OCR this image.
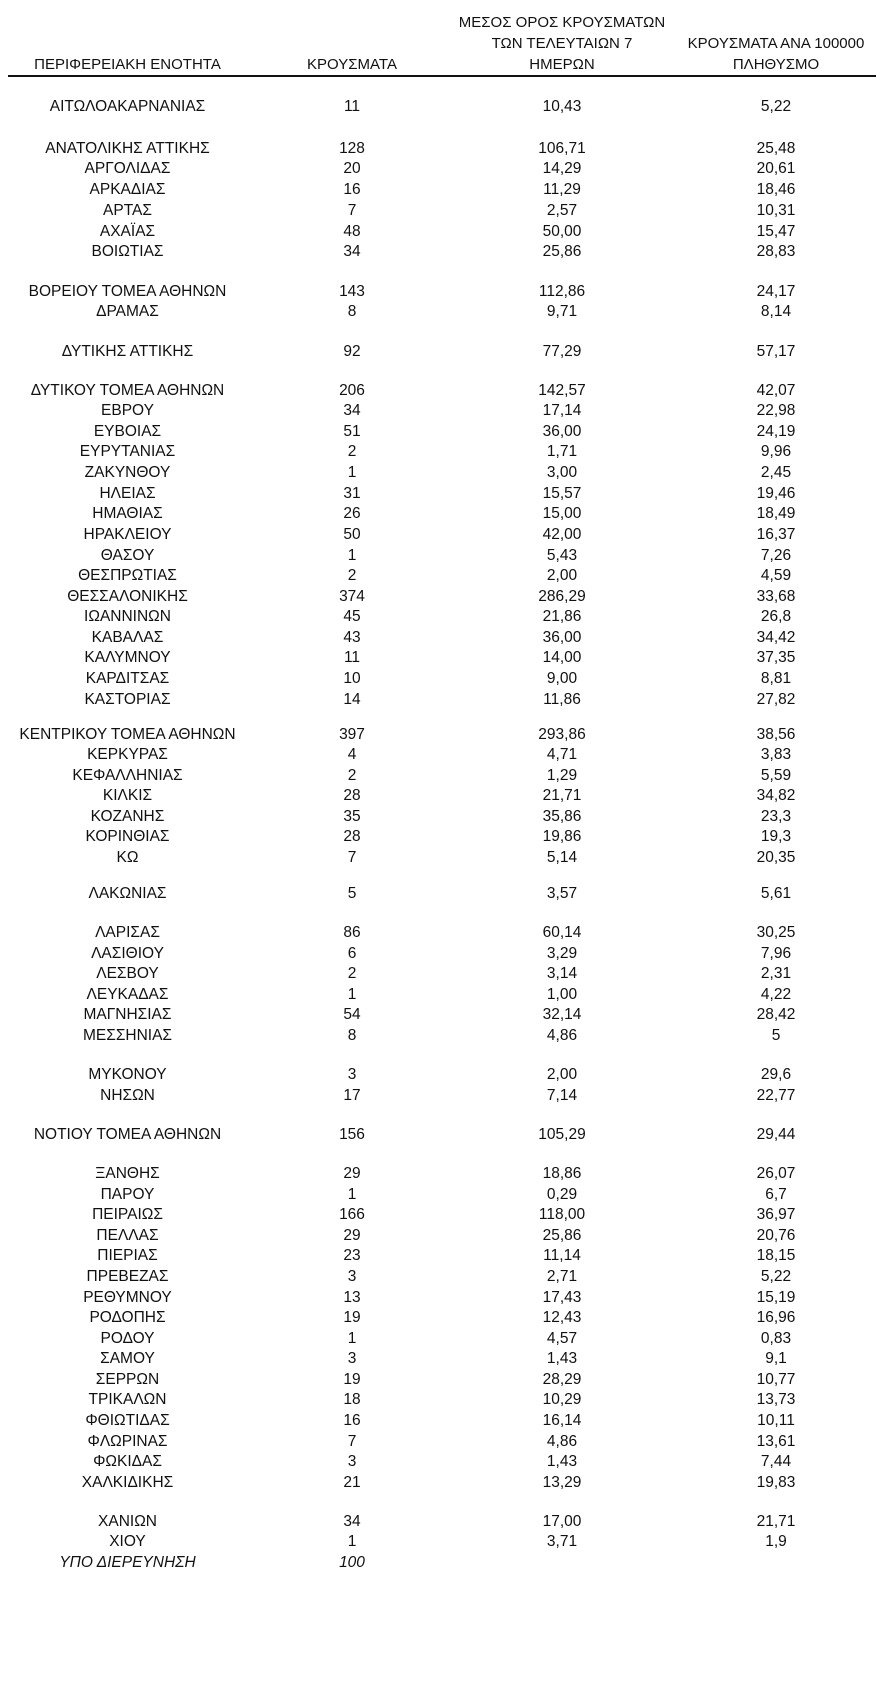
ΠΕΡΙΦΕΡΕΙΑΚΗ ΕΝΟΤΗΤΑ	ΚΡΟΥΣΜΑΤΑ
ΜΕΣΟΣ ΟΡΟΣ ΚΡΟΥΣΜΑΤΩΝ
ΤΩΝ ΤΕΛΕΥΤΑΙΩΝ 7
ΗΜΕΡΩΝ
ΚΡΟΥΣΜΑΤΑ ΑΝΑ 100000
ΠΛΗΘΥΣΜΟ
ΑΙΤΩΛΟΑΚΑΡΝΑΝΙΑΣ	11	10,43	5,22
ΑΝΑΤΟΛΙΚΗΣ ΑΤΤΙΚΗΣ	128	106,71	25,48
ΑΡΓΟΛΙΔΑΣ	20	14,29	20,61
ΑΡΚΑΔΙΑΣ	16	11,29	18,46
ΑΡΤΑΣ	7	2,57	10,31
ΑΧΑΪΑΣ	48	50,00	15,47
ΒΟΙΩΤΙΑΣ	34	25,86	28,83
ΒΟΡΕΙΟΥ ΤΟΜΕΑ ΑΘΗΝΩΝ	143	112,86	24,17
ΔΡΑΜΑΣ	8	9,71	8,14
ΔΥΤΙΚΗΣ ΑΤΤΙΚΗΣ	92	77,29	57,17
ΔΥΤΙΚΟΥ ΤΟΜΕΑ ΑΘΗΝΩΝ	206	142,57	42,07
ΕΒΡΟΥ	34	17,14	22,98
ΕΥΒΟΙΑΣ	51	36,00	24,19
ΕΥΡΥΤΑΝΙΑΣ	2	1,71	9,96
ΖΑΚΥΝΘΟΥ	1	3,00	2,45
ΗΛΕΙΑΣ	31	15,57	19,46
ΗΜΑΘΙΑΣ	26	15,00	18,49
ΗΡΑΚΛΕΙΟΥ	50	42,00	16,37
ΘΑΣΟΥ	1	5,43	7,26
ΘΕΣΠΡΩΤΙΑΣ	2	2,00	4,59
ΘΕΣΣΑΛΟΝΙΚΗΣ	374	286,29	33,68
ΙΩΑΝΝΙΝΩΝ	45	21,86	26,8
ΚΑΒΑΛΑΣ	43	36,00	34,42
ΚΑΛΥΜΝΟΥ	11	14,00	37,35
ΚΑΡΔΙΤΣΑΣ	10	9,00	8,81
ΚΑΣΤΟΡΙΑΣ	14	11,86	27,82
ΚΕΝΤΡΙΚΟΥ ΤΟΜΕΑ ΑΘΗΝΩΝ	397	293,86	38,56
ΚΕΡΚΥΡΑΣ	4	4,71	3,83
ΚΕΦΑΛΛΗΝΙΑΣ	2	1,29	5,59
ΚΙΛΚΙΣ	28	21,71	34,82
ΚΟΖΑΝΗΣ	35	35,86	23,3
ΚΟΡΙΝΘΙΑΣ	28	19,86	19,3
ΚΩ	7	5,14	20,35
ΛΑΚΩΝΙΑΣ	5	3,57	5,61
ΛΑΡΙΣΑΣ	86	60,14	30,25
ΛΑΣΙΘΙΟΥ	6	3,29	7,96
ΛΕΣΒΟΥ	2	3,14	2,31
ΛΕΥΚΑΔΑΣ	1	1,00	4,22
ΜΑΓΝΗΣΙΑΣ	54	32,14	28,42
ΜΕΣΣΗΝΙΑΣ	8	4,86	5
ΜΥΚΟΝΟΥ	3	2,00	29,6
ΝΗΣΩΝ	17	7,14	22,77
ΝΟΤΙΟΥ ΤΟΜΕΑ ΑΘΗΝΩΝ	156	105,29	29,44
ΞΑΝΘΗΣ	29	18,86	26,07
ΠΑΡΟΥ	1	0,29	6,7
ΠΕΙΡΑΙΩΣ	166	118,00	36,97
ΠΕΛΛΑΣ	29	25,86	20,76
ΠΙΕΡΙΑΣ	23	11,14	18,15
ΠΡΕΒΕΖΑΣ	3	2,71	5,22
ΡΕΘΥΜΝΟΥ	13	17,43	15,19
ΡΟΔΟΠΗΣ	19	12,43	16,96
ΡΟΔΟΥ	1	4,57	0,83
ΣΑΜΟΥ	3	1,43	9,1
ΣΕΡΡΩΝ	19	28,29	10,77
ΤΡΙΚΑΛΩΝ	18	10,29	13,73
ΦΘΙΩΤΙΔΑΣ	16	16,14	10,11
ΦΛΩΡΙΝΑΣ	7	4,86	13,61
ΦΩΚΙΔΑΣ	3	1,43	7,44
ΧΑΛΚΙΔΙΚΗΣ	21	13,29	19,83
ΧΑΝΙΩΝ	34	17,00	21,71
ΧΙΟΥ	1	3,71	1,9
ΥΠΟ ΔΙΕΡΕΥΝΗΣΗ	100
